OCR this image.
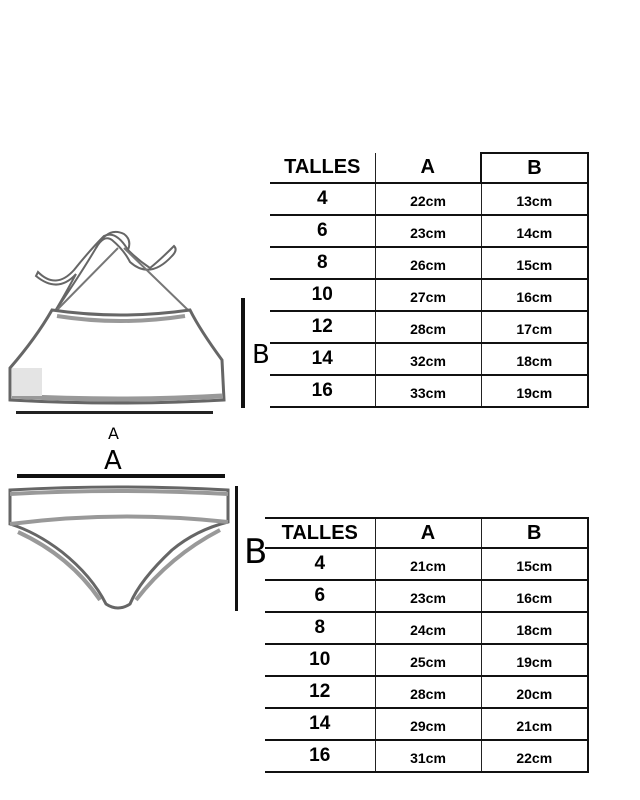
A
B
A
B
TALLES	A	B
4	22cm	13cm
6	23cm	14cm
8	26cm	15cm
10	27cm	16cm
12	28cm	17cm
14	32cm	18cm
16	33cm	19cm
TALLES	A	B
4	21cm	15cm
6	23cm	16cm
8	24cm	18cm
10	25cm	19cm
12	28cm	20cm
14	29cm	21cm
16	31cm	22cm
